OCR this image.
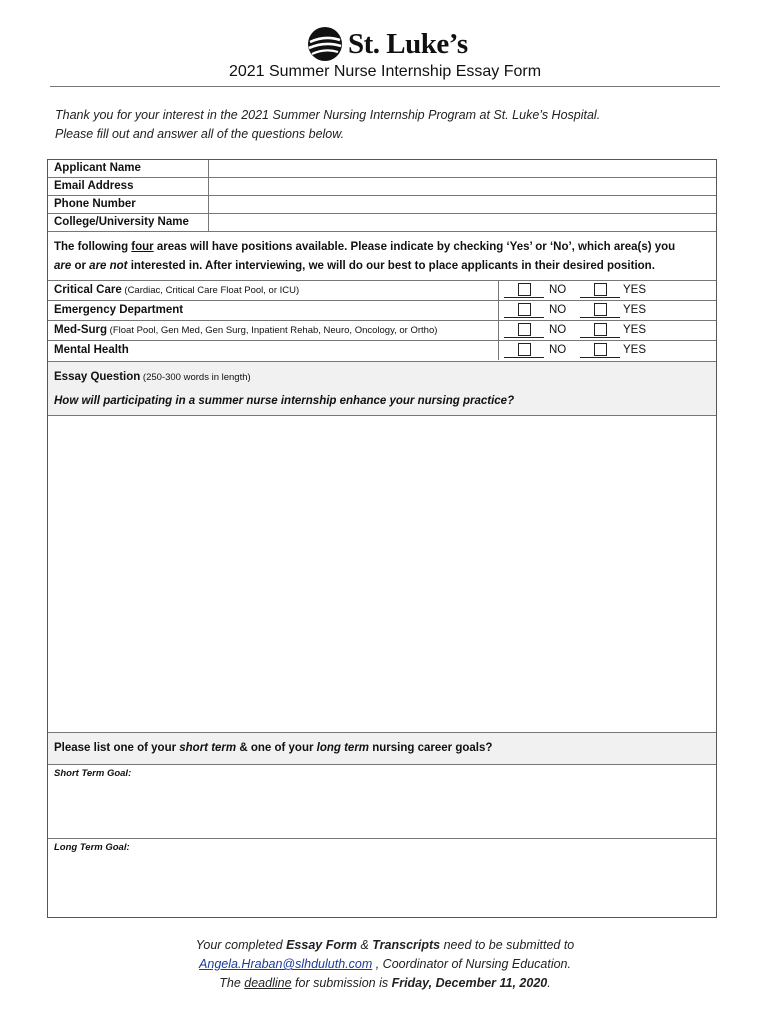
St. Luke’s
2021 Summer Nurse Internship Essay Form
Thank you for your interest in the 2021 Summer Nursing Internship Program at St. Luke’s Hospital.
Please fill out and answer all of the questions below.
Applicant Name
Email Address
Phone Number
College/University Name
The following four areas will have positions available. Please indicate by checking ‘Yes’ or ‘No’, which area(s) you
are or are not interested in. After interviewing, we will do our best to place applicants in their desired position.
Critical Care (Cardiac, Critical Care Float Pool, or ICU)	NO	YES
Emergency Department	NO	YES
Med-Surg (Float Pool, Gen Med, Gen Surg, Inpatient Rehab, Neuro, Oncology, or Ortho)	NO	YES
Mental Health	NO	YES
Essay Question (250-300 words in length)
How will participating in a summer nurse internship enhance your nursing practice?
Please list one of your short term & one of your long term nursing career goals?
Short Term Goal:
Long Term Goal:
Your completed Essay Form & Transcripts need to be submitted to
Angela.Hraban@slhduluth.com , Coordinator of Nursing Education.
The deadline for submission is Friday, December 11, 2020.
